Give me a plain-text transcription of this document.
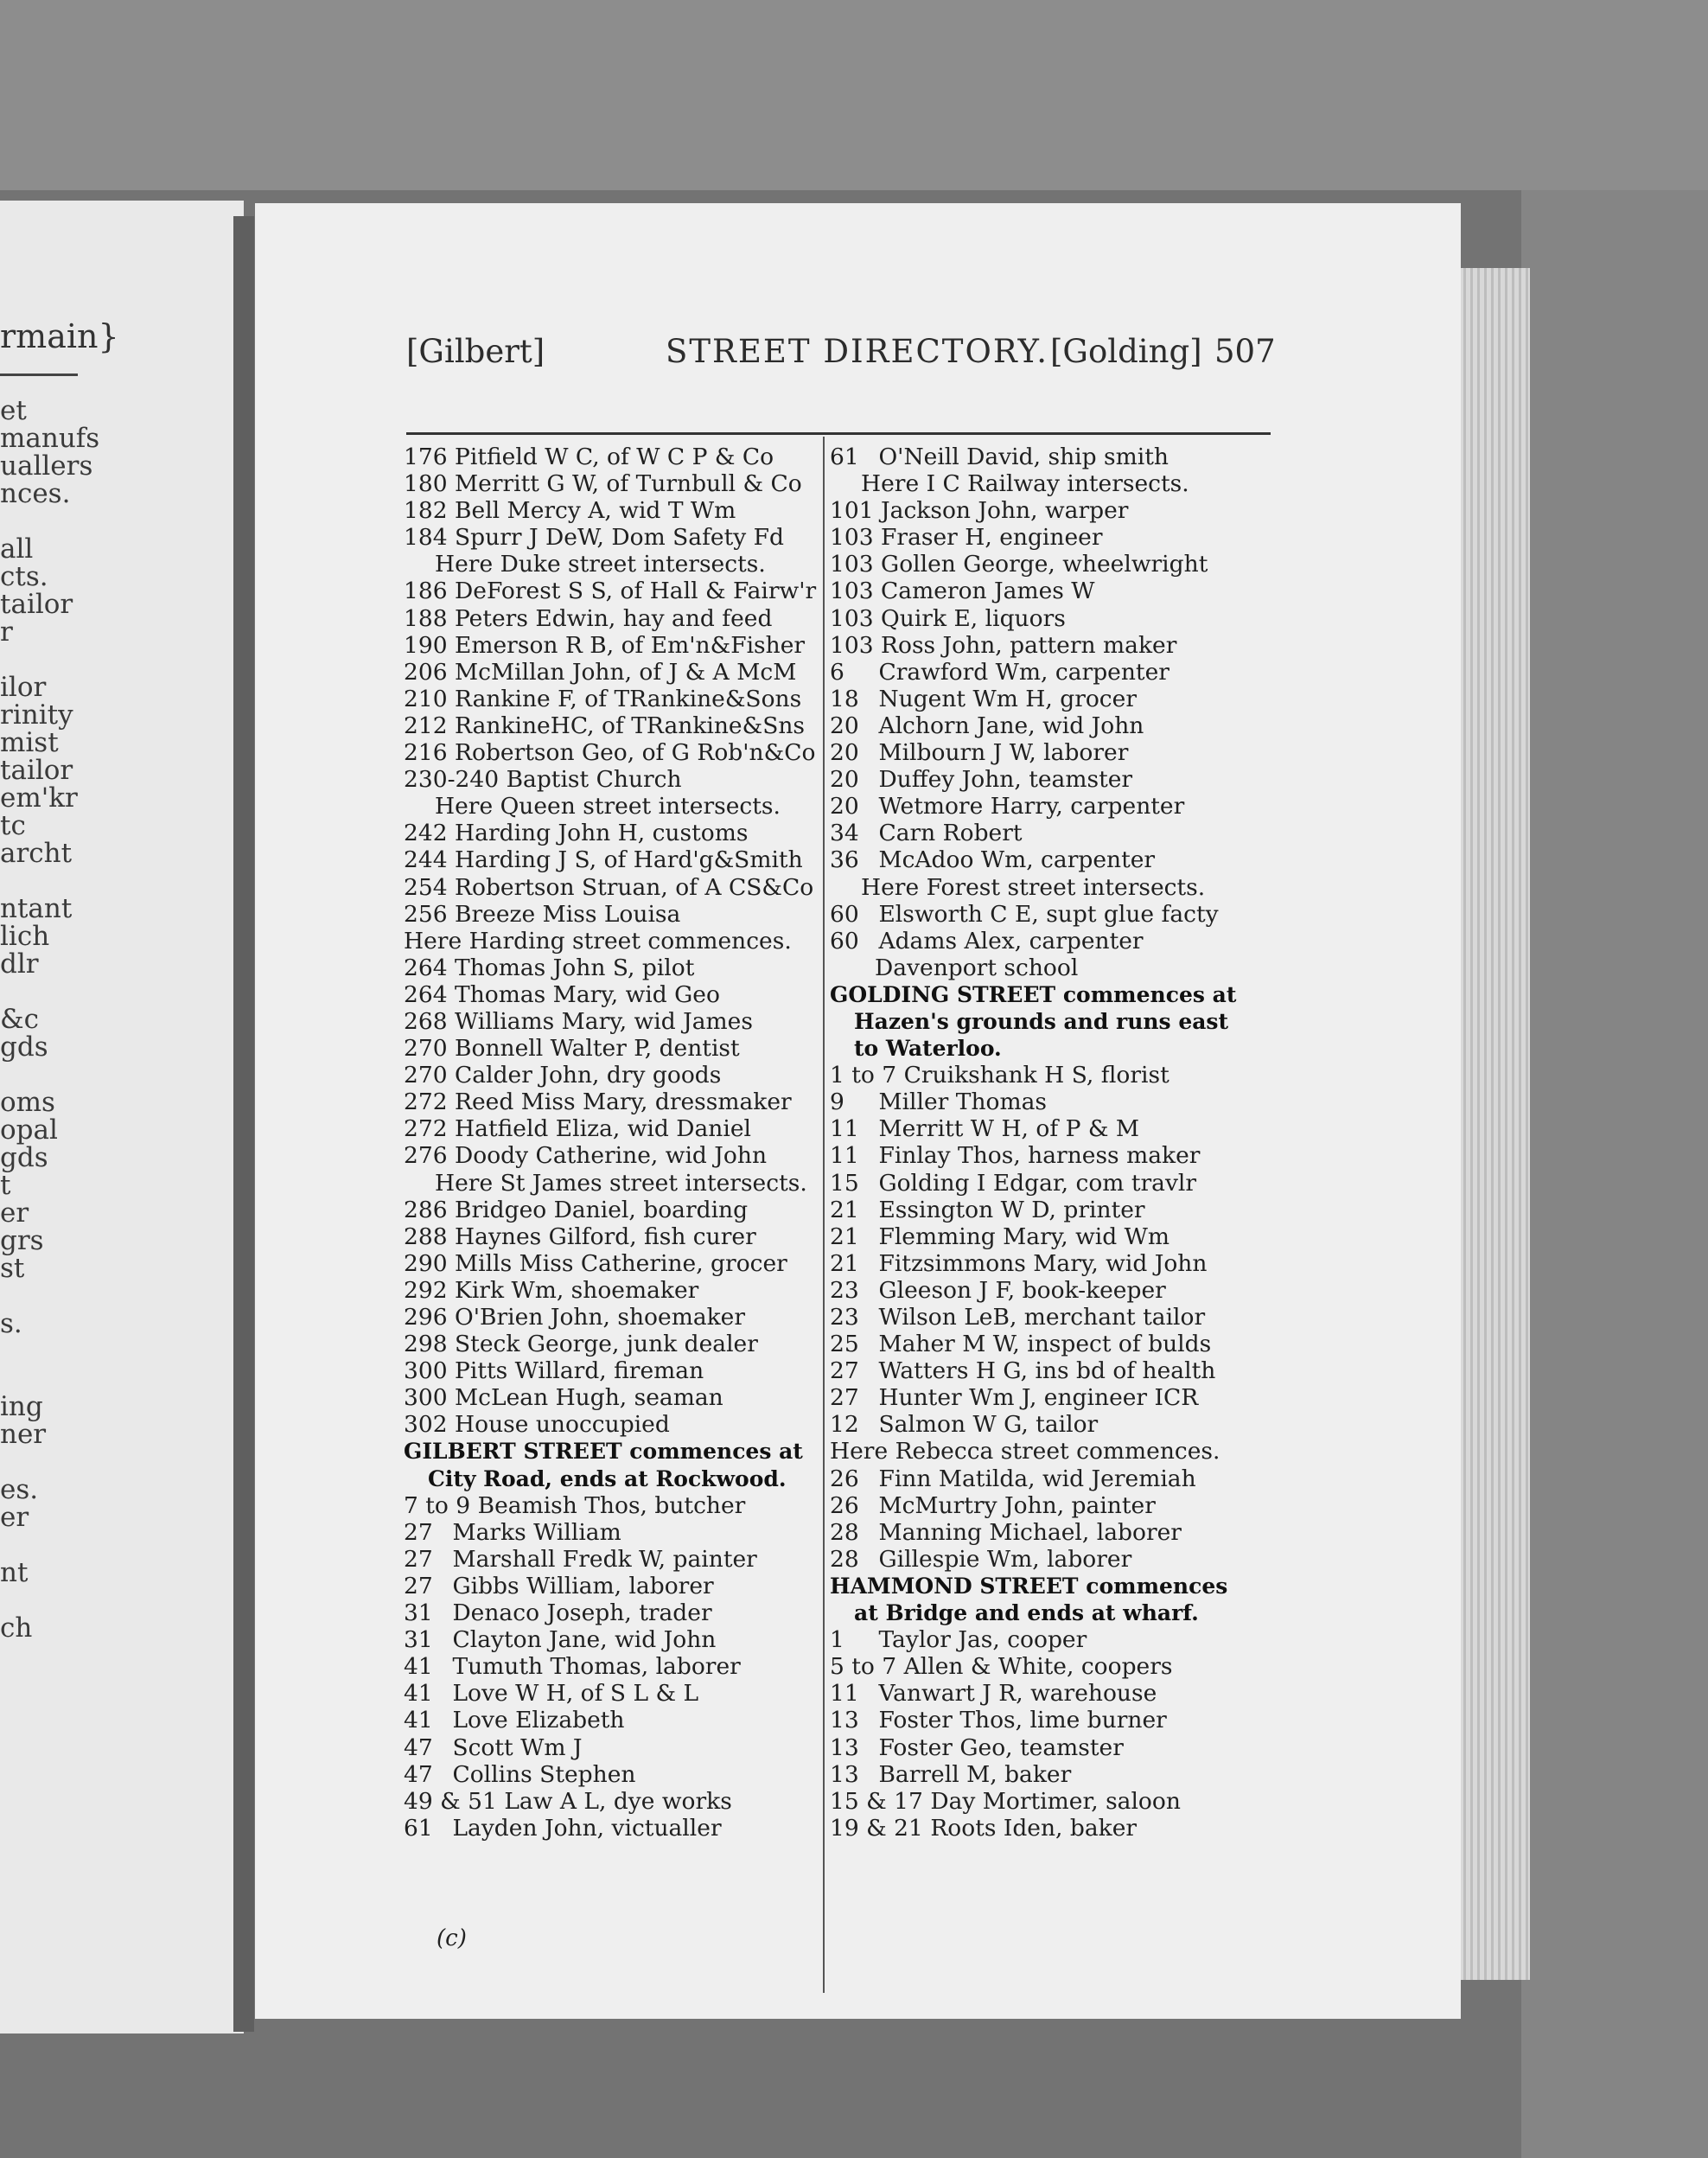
rmain}
et
manufs
uallers
nces.
all
cts.
tailor
r
ilor
rinity
mist
tailor
em'kr
tc
archt
ntant
lich
dlr
&c
gds
oms
opal
gds
t
er
grs
st
s.
ing
ner
es.
er
nt
ch
[Gilbert]	STREET DIRECTORY. [Golding] 507
176 Pitfield W C, of W C P & Co
180 Merritt G W, of Turnbull & Co
182 Bell Mercy A, wid T Wm
184 Spurr J DeW, Dom Safety Fd
Here Duke street intersects.
186 DeForest S S, of Hall & Fairw'r
188 Peters Edwin, hay and feed
190 Emerson R B, of Em'n&Fisher
206 McMillan John, of J & A McM
210 Rankine F, of TRankine&Sons
212 RankineHC, of TRankine&Sns
216 Robertson Geo, of G Rob'n&Co
230-240 Baptist Church
Here Queen street intersects.
242 Harding John H, customs
244 Harding J S, of Hard'g&Smith
254 Robertson Struan, of A CS&Co
256 Breeze Miss Louisa
Here Harding street commences.
264 Thomas John S, pilot
264 Thomas Mary, wid Geo
268 Williams Mary, wid James
270 Bonnell Walter P, dentist
270 Calder John, dry goods
272 Reed Miss Mary, dressmaker
272 Hatfield Eliza, wid Daniel
276 Doody Catherine, wid John
Here St James street intersects.
286 Bridgeo Daniel, boarding
288 Haynes Gilford, fish curer
290 Mills Miss Catherine, grocer
292 Kirk Wm, shoemaker
296 O'Brien John, shoemaker
298 Steck George, junk dealer
300 Pitts Willard, fireman
300 McLean Hugh, seaman
302 House unoccupied
GILBERT STREET commences at
City Road, ends at Rockwood.
7 to 9 Beamish Thos, butcher
27 Marks William
27 Marshall Fredk W, painter
27 Gibbs William, laborer
31 Denaco Joseph, trader
31 Clayton Jane, wid John
41 Tumuth Thomas, laborer
41 Love W H, of S L & L
41 Love Elizabeth
47 Scott Wm J
47 Collins Stephen
49 & 51 Law A L, dye works
61 Layden John, victualler
61 O'Neill David, ship smith
Here I C Railway intersects.
101 Jackson John, warper
103 Fraser H, engineer
103 Gollen George, wheelwright
103 Cameron James W
103 Quirk E, liquors
103 Ross John, pattern maker
6 Crawford Wm, carpenter
18 Nugent Wm H, grocer
20 Alchorn Jane, wid John
20 Milbourn J W, laborer
20 Duffey John, teamster
20 Wetmore Harry, carpenter
34 Carn Robert
36 McAdoo Wm, carpenter
Here Forest street intersects.
60 Elsworth C E, supt glue facty
60 Adams Alex, carpenter
Davenport school
GOLDING STREET commences at
Hazen's grounds and runs east
to Waterloo.
1 to 7 Cruikshank H S, florist
9 Miller Thomas
11 Merritt W H, of P & M
11 Finlay Thos, harness maker
15 Golding I Edgar, com travlr
21 Essington W D, printer
21 Flemming Mary, wid Wm
21 Fitzsimmons Mary, wid John
23 Gleeson J F, book-keeper
23 Wilson LeB, merchant tailor
25 Maher M W, inspect of bulds
27 Watters H G, ins bd of health
27 Hunter Wm J, engineer ICR
12 Salmon W G, tailor
Here Rebecca street commences.
26 Finn Matilda, wid Jeremiah
26 McMurtry John, painter
28 Manning Michael, laborer
28 Gillespie Wm, laborer
HAMMOND STREET commences
at Bridge and ends at wharf.
1 Taylor Jas, cooper
5 to 7 Allen & White, coopers
11 Vanwart J R, warehouse
13 Foster Thos, lime burner
13 Foster Geo, teamster
13 Barrell M, baker
15 & 17 Day Mortimer, saloon
19 & 21 Roots Iden, baker
(c)
